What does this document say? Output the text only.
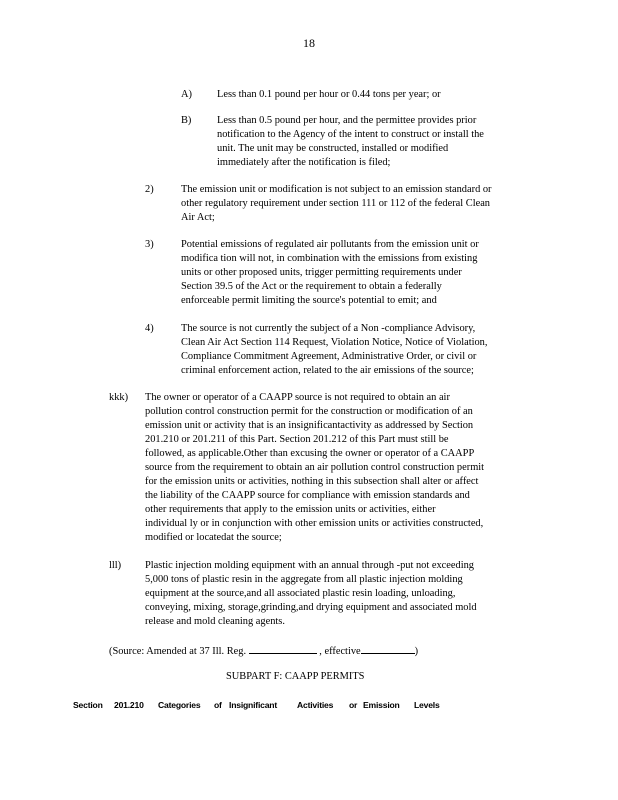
18
A) Less than 0.1 pound per hour or 0.44 tons per year; or
B) Less than 0.5 pound per hour, and the permittee provides prior
notification to the Agency of the intent to construct or install the
unit. The unit may be constructed, installed or modified
immediately after the notification is filed;
2)	The emission unit or modification is not subject to an emission standard or
other regulatory requirement under section 111 or 112 of the federal Clean
Air Act;
3)	Potential emissions of regulated air pollutants from the emission unit or
modifica tion will not, in combination with the emissions from existing
units or other proposed units, trigger permitting requirements under
Section 39.5 of the Act or the requirement to obtain a federally
enforceable permit limiting the source's potential to emit; and
4)	The source is not currently the subject of a Non -compliance Advisory,
Clean Air Act Section 114 Request, Violation Notice, Notice of Violation,
Compliance Commitment Agreement, Administrative Order, or civil or
criminal enforcement action, related to the air emissions of the source;
kkk) The owner or operator of a CAAPP source is not required to obtain an air
pollution control construction permit for the construction or modification of an
emission unit or activity that is an insignificantactivity as addressed by Section
201.210 or 201.211 of this Part. Section 201.212 of this Part must still be
followed, as applicable.Other than excusing the owner or operator of a CAAPP
source from the requirement to obtain an air pollution control construction permit
for the emission units or activities, nothing in this subsection shall alter or affect
the liability of the CAAPP source for compliance with emission standards and
other requirements that apply to the emission units or activities, either
individual ly or in conjunction with other emission units or activities constructed,
modified or locatedat the source;
lll) Plastic injection molding equipment with an annual through -put not exceeding
5,000 tons of plastic resin in the aggregate from all plastic injection molding
equipment at the source,and all associated plastic resin loading, unloading,
conveying, mixing, storage,grinding,and drying equipment and associated mold
release and mold cleaning agents.
(Source: Amended at 37 Ill. Reg.	, effective	)
SUBPART F: CAAPP PERMITS
Section 201.210 Categories of Insignificant Activities or Emission Levels
